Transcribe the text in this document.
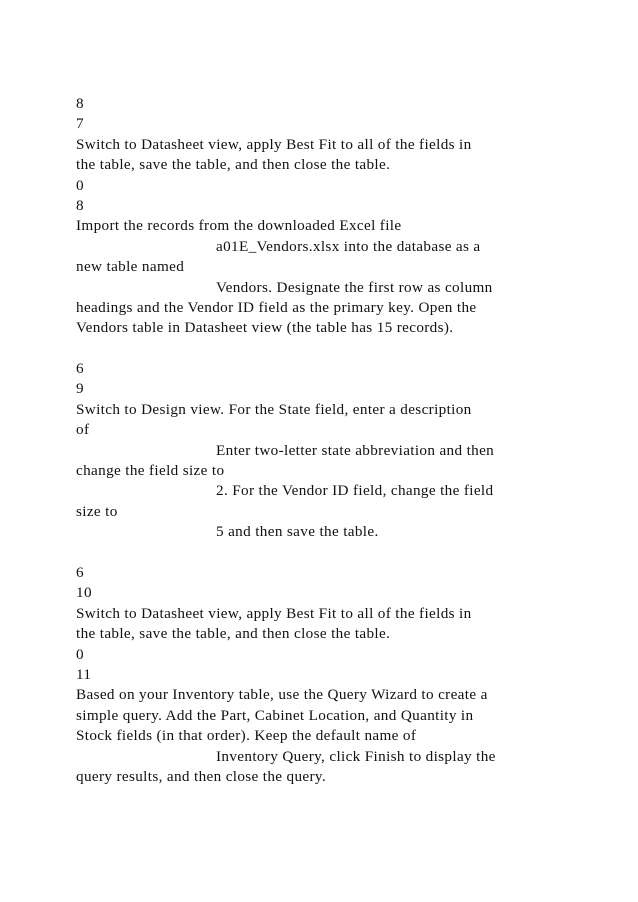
8
7
Switch to Datasheet view, apply Best Fit to all of the fields in
the table, save the table, and then close the table.
0
8
Import the records from the downloaded Excel file
a01E_Vendors.xlsx into the database as a
new table named
Vendors. Designate the first row as column
headings and the Vendor ID field as the primary key. Open the
Vendors table in Datasheet view (the table has 15 records).
6
9
Switch to Design view. For the State field, enter a description
of
Enter two-letter state abbreviation and then
change the field size to
2. For the Vendor ID field, change the field
size to
5 and then save the table.
6
10
Switch to Datasheet view, apply Best Fit to all of the fields in
the table, save the table, and then close the table.
0
11
Based on your Inventory table, use the Query Wizard to create a
simple query. Add the Part, Cabinet Location, and Quantity in
Stock fields (in that order). Keep the default name of
Inventory Query, click Finish to display the
query results, and then close the query.
